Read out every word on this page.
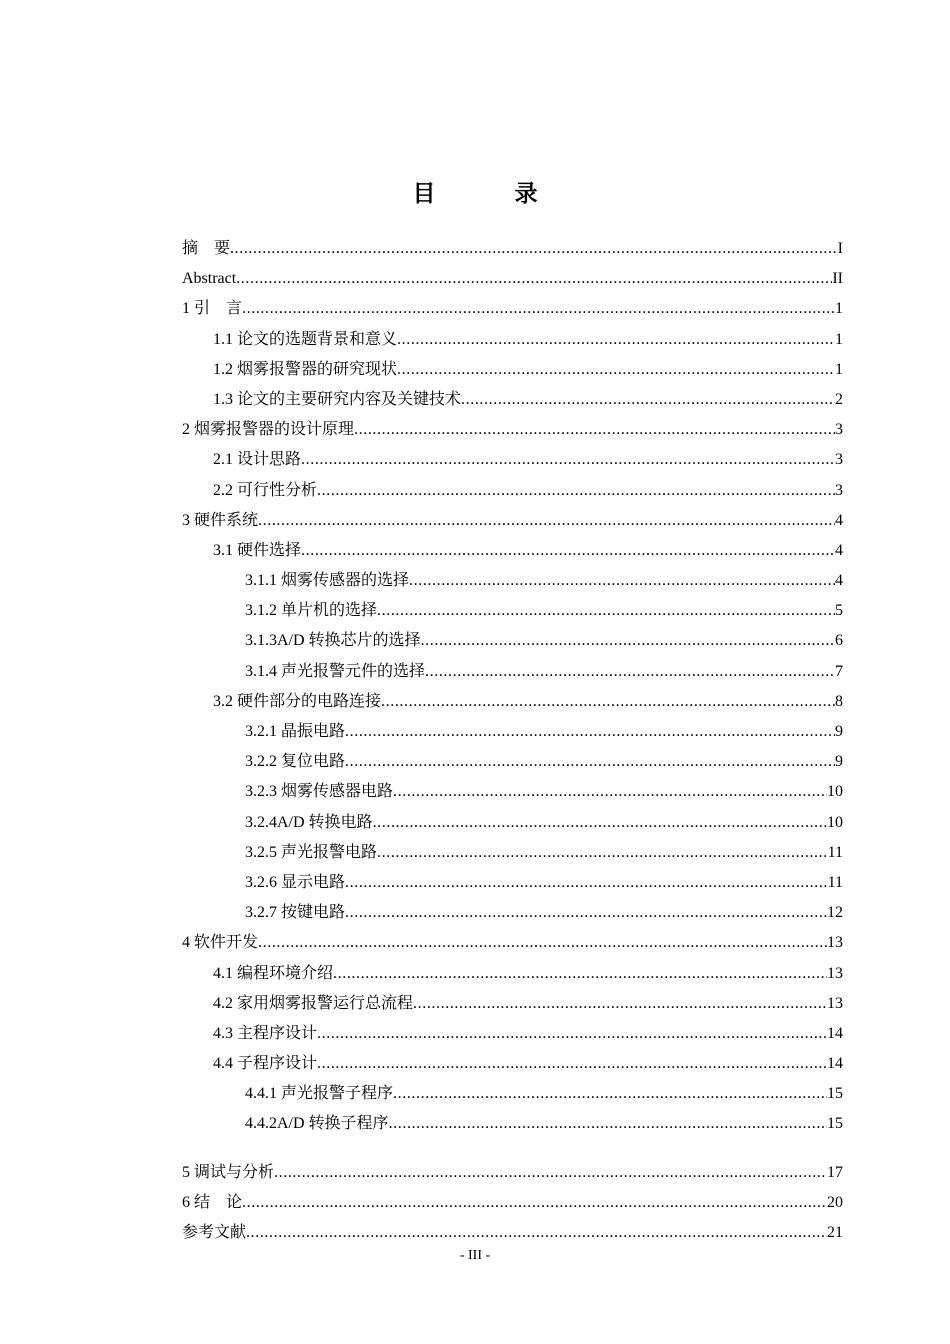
目　录
摘　要 .....	I
Abstract .....	II
1 引　言 .....	1
1.1 论文的选题背景和意义 .....	1
1.2 烟雾报警器的研究现状 .....	1
1.3 论文的主要研究内容及关键技术 .....	2
2 烟雾报警器的设计原理 .....	3
2.1 设计思路 .....	3
2.2 可行性分析 .....	3
3 硬件系统 .....	4
3.1 硬件选择 .....	4
3.1.1 烟雾传感器的选择 .....	4
3.1.2 单片机的选择 .....	5
3.1.3A/D 转换芯片的选择 .....	6
3.1.4 声光报警元件的选择 .....	7
3.2 硬件部分的电路连接 .....	8
3.2.1 晶振电路 .....	9
3.2.2 复位电路 .....	9
3.2.3 烟雾传感器电路 .....	10
3.2.4A/D 转换电路 .....	10
3.2.5 声光报警电路 .....	11
3.2.6 显示电路 .....	11
3.2.7 按键电路 .....	12
4 软件开发 .....	13
4.1 编程环境介绍 .....	13
4.2 家用烟雾报警运行总流程 .....	13
4.3 主程序设计 .....	14
4.4 子程序设计 .....	14
4.4.1 声光报警子程序 .....	15
4.4.2A/D 转换子程序 .....	15
5 调试与分析 .....	17
6 结　论 .....	20
参考文献 .....	21
- III -
